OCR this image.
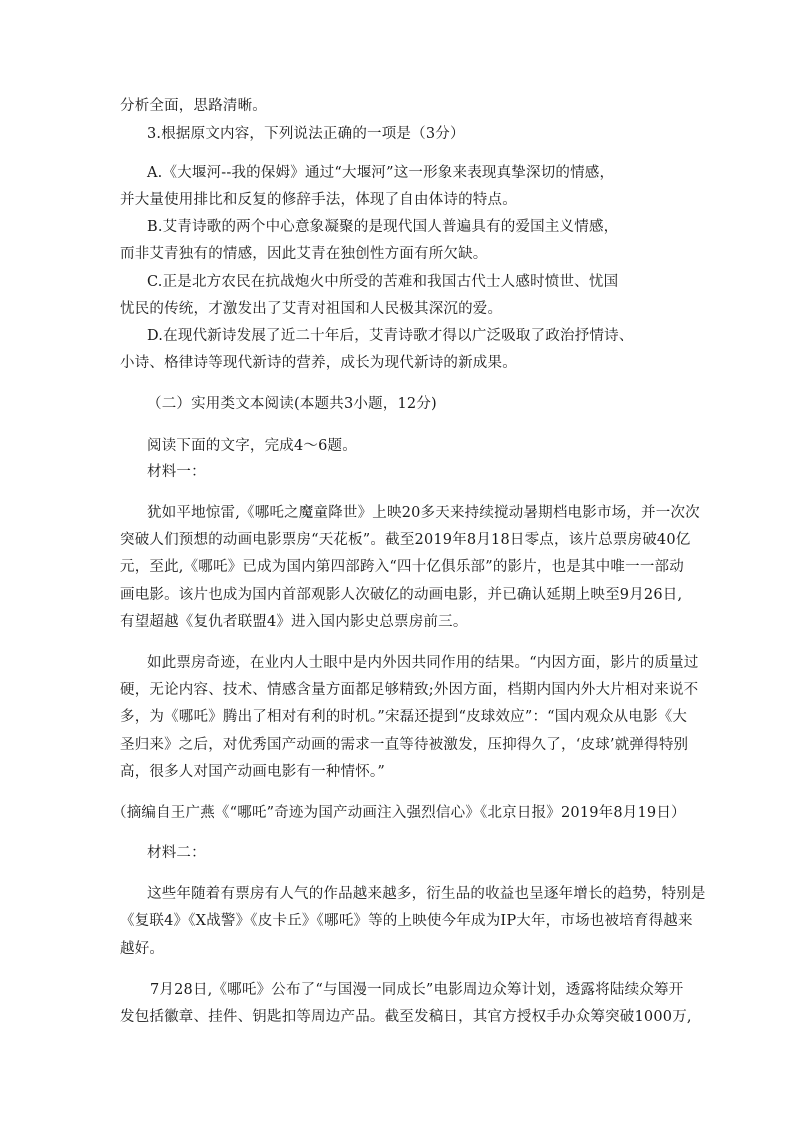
分析全面，思路清晰。
3.根据原文内容，下列说法正确的一项是（3分）
A.《大堰河--我的保姆》通过“大堰河”这一形象来表现真挚深切的情感，
并大量使用排比和反复的修辞手法，体现了自由体诗的特点。
B.艾青诗歌的两个中心意象凝聚的是现代国人普遍具有的爱国主义情感，
而非艾青独有的情感，因此艾青在独创性方面有所欠缺。
C.正是北方农民在抗战炮火中所受的苦难和我国古代士人感时愤世、忧国
忧民的传统，才激发出了艾青对祖国和人民极其深沉的爱。
D.在现代新诗发展了近二十年后，艾青诗歌才得以广泛吸取了政治抒情诗、
小诗、格律诗等现代新诗的营养，成长为现代新诗的新成果。
（二）实用类文本阅读(本题共3小题，12分)
阅读下面的文字，完成4～6题。
材料一：
犹如平地惊雷,《哪吒之魔童降世》上映20多天来持续搅动暑期档电影市场，并一次次
突破人们预想的动画电影票房“天花板”。截至2019年8月18日零点，该片总票房破40亿
元，至此,《哪吒》已成为国内第四部跨入“四十亿俱乐部”的影片，也是其中唯一一部动
画电影。该片也成为国内首部观影人次破亿的动画电影，并已确认延期上映至9月26日,
有望超越《复仇者联盟4》进入国内影史总票房前三。
如此票房奇迹，在业内人士眼中是内外因共同作用的结果。“内因方面，影片的质量过
硬，无论内容、技术、情感含量方面都足够精致;外因方面，档期内国内外大片相对来说不
多，为《哪吒》腾出了相对有利的时机。”宋磊还提到“皮球效应”：“国内观众从电影《大
圣归来》之后，对优秀国产动画的需求一直等待被激发，压抑得久了，‘皮球’就弹得特别
高，很多人对国产动画电影有一种情怀。”
（摘编自王广燕《“哪吒”奇迹为国产动画注入强烈信心》《北京日报》2019年8月19日）
材料二：
这些年随着有票房有人气的作品越来越多，衍生品的收益也呈逐年增长的趋势，特别是
《复联4》《X战警》《皮卡丘》《哪吒》等的上映使今年成为IP大年，市场也被培育得越来
越好。
7月28日,《哪吒》公布了“与国漫一同成长”电影周边众筹计划，透露将陆续众筹开
发包括徽章、挂件、钥匙扣等周边产品。截至发稿日，其官方授权手办众筹突破1000万,
